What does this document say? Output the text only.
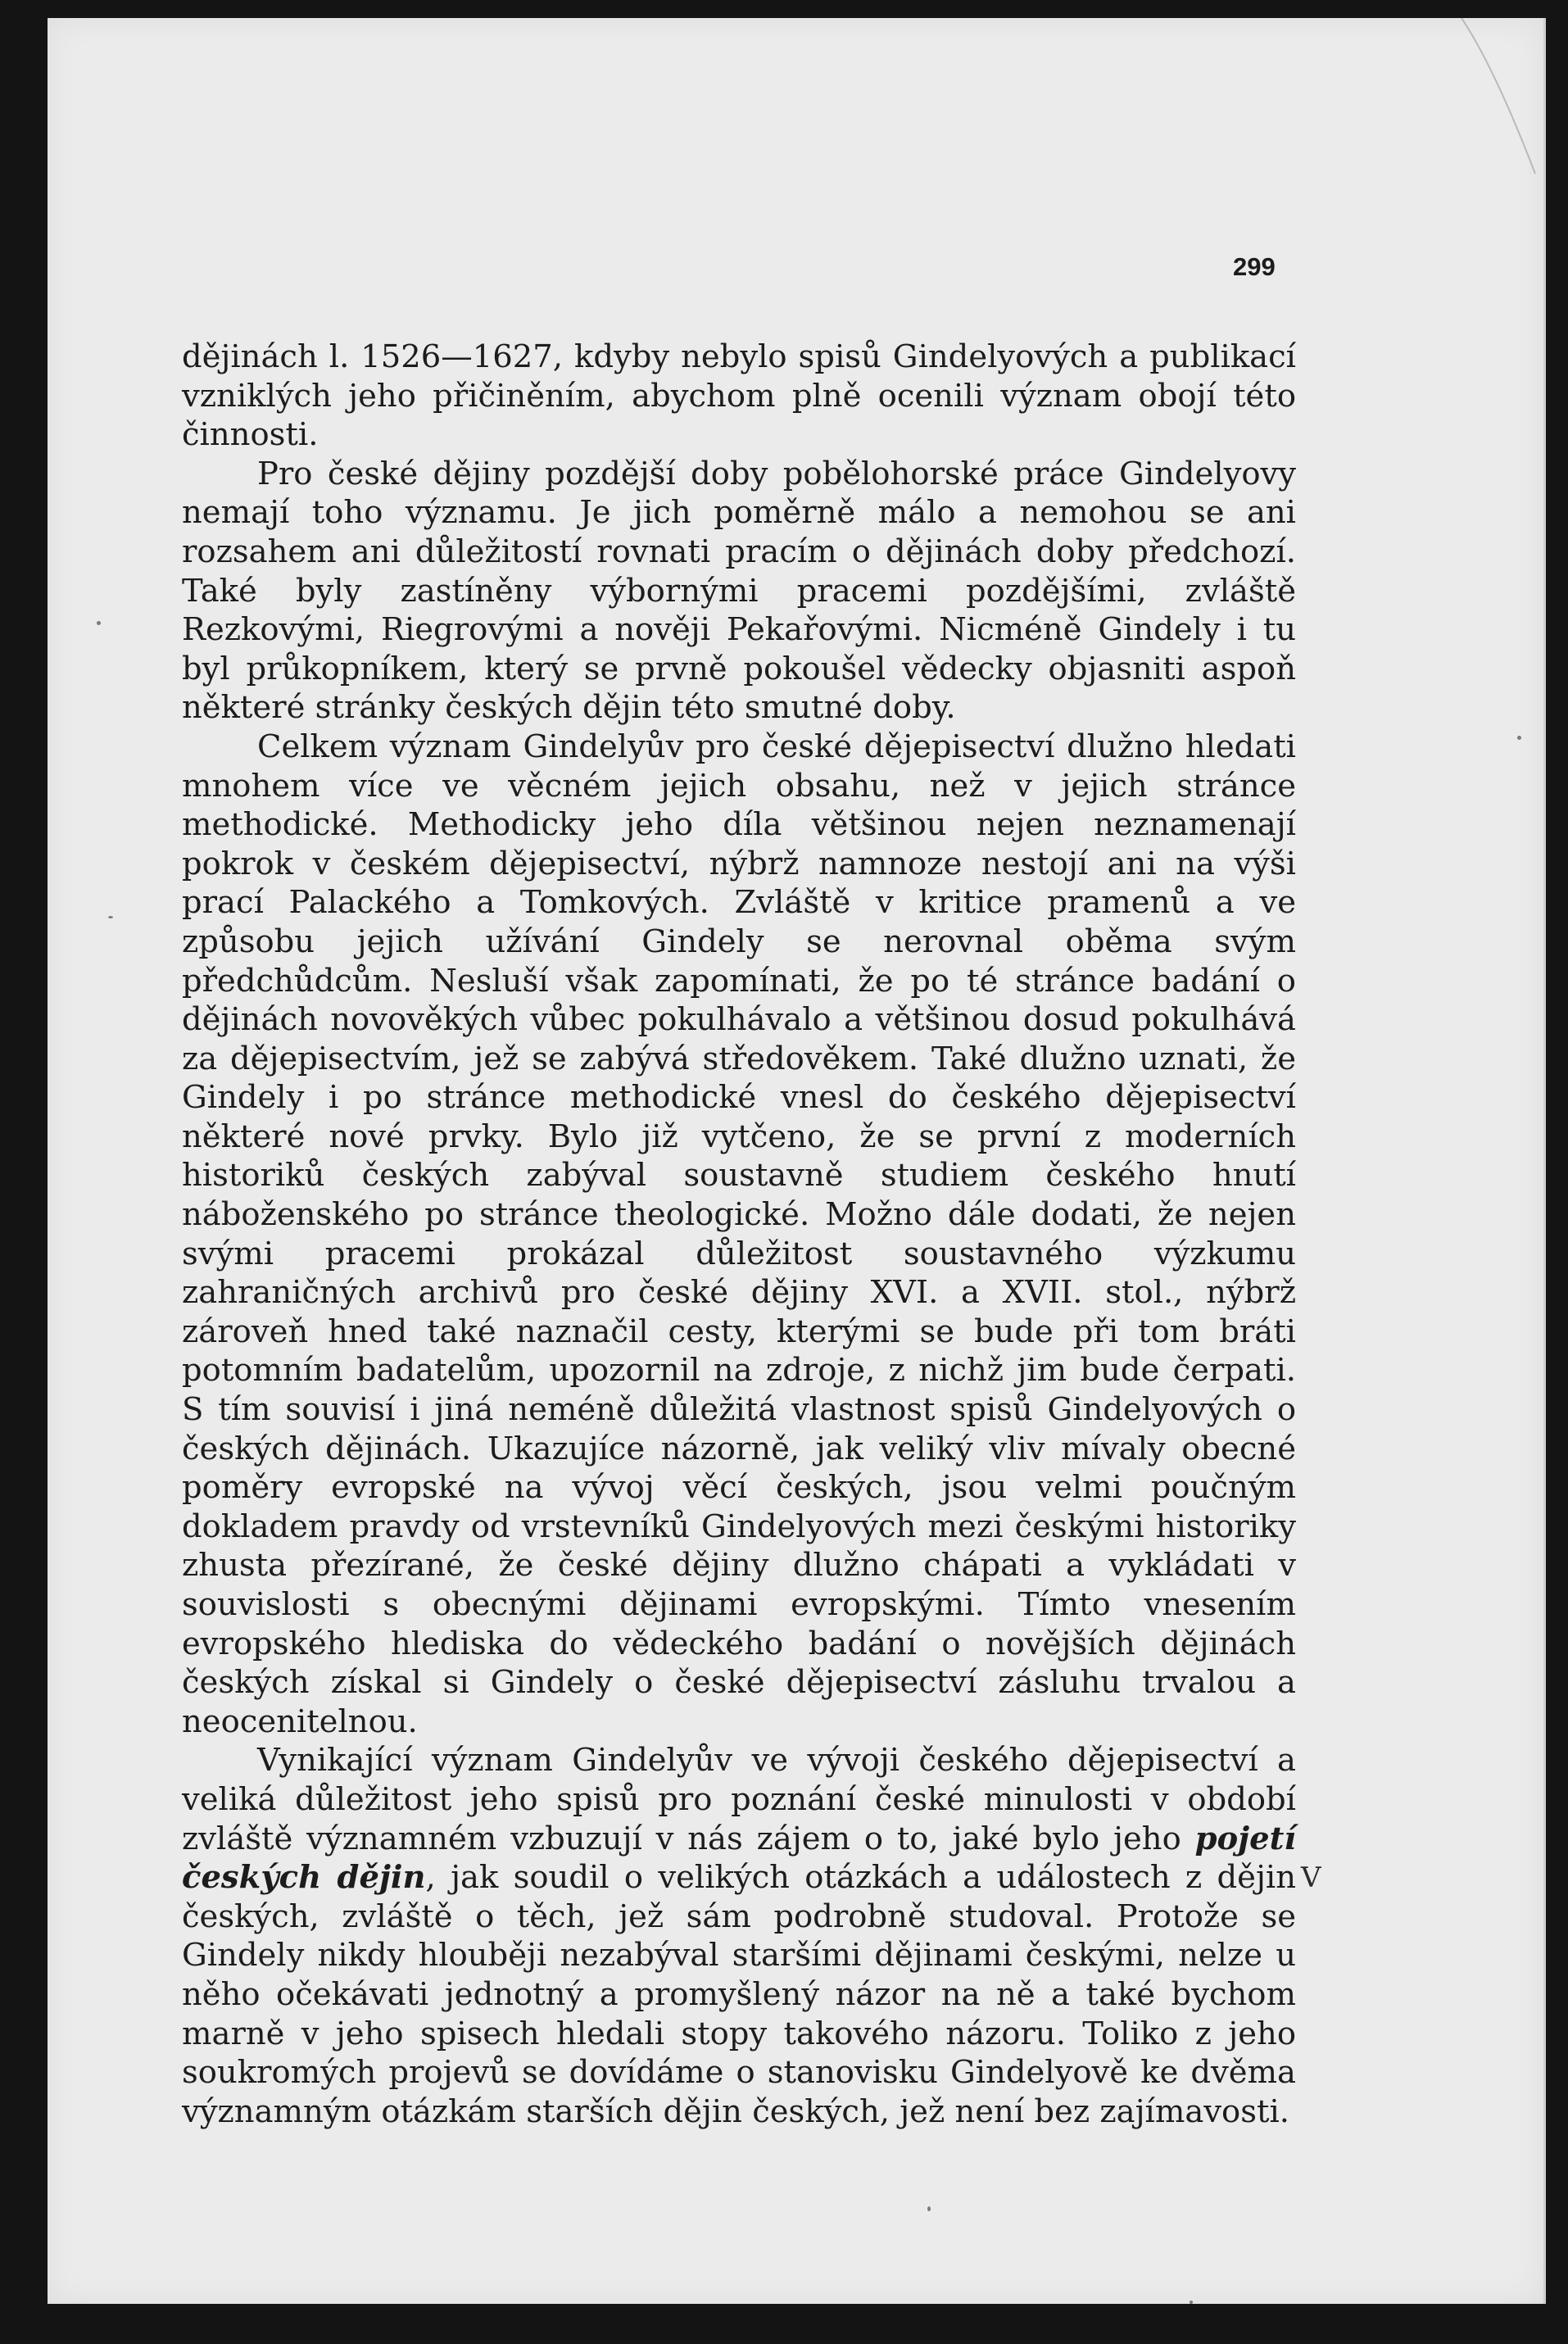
299

dějinách l. 1526—1627, kdyby nebylo spisů Gindelyových a publikací vzniklých jeho přičiněním, abychom plně ocenili význam obojí této činnosti.

Pro české dějiny pozdější doby pobělohorské práce Gindelyovy nemají toho významu. Je jich poměrně málo a nemohou se ani rozsahem ani důležitostí rovnati pracím o dějinách doby předchozí. Také byly zastíněny výbornými pracemi pozdějšími, zvláště Rezkovými, Riegrovými a nověji Pekařovými. Nicméně Gindely i tu byl průkopníkem, který se prvně pokoušel vědecky objasniti aspoň některé stránky českých dějin této smutné doby.

Celkem význam Gindelyův pro české dějepisectví dlužno hledati mnohem více ve věcném jejich obsahu, než v jejich stránce methodické. Methodicky jeho díla většinou nejen neznamenají pokrok v českém dějepisectví, nýbrž namnoze nestojí ani na výši prací Palackého a Tomkových. Zvláště v kritice pramenů a ve způsobu jejich užívání Gindely se nerovnal oběma svým předchůdcům. Nesluší však zapomínati, že po té stránce badání o dějinách novověkých vůbec pokulhávalo a většinou dosud pokulhává za dějepisectvím, jež se zabývá středověkem. Také dlužno uznati, že Gindely i po stránce methodické vnesl do českého dějepisectví některé nové prvky. Bylo již vytčeno, že se první z moderních historiků českých zabýval soustavně studiem českého hnutí náboženského po stránce theologické. Možno dále dodati, že nejen svými pracemi prokázal důležitost soustavného výzkumu zahraničných archivů pro české dějiny XVI. a XVII. stol., nýbrž zároveň hned také naznačil cesty, kterými se bude při tom bráti potomním badatelům, upozornil na zdroje, z nichž jim bude čerpati. S tím souvisí i jiná neméně důležitá vlastnost spisů Gindelyových o českých dějinách. Ukazujíce názorně, jak veliký vliv mívaly obecné poměry evropské na vývoj věcí českých, jsou velmi poučným dokladem pravdy od vrstevníků Gindelyových mezi českými historiky zhusta přezírané, že české dějiny dlužno chápati a vykládati v souvislosti s obecnými dějinami evropskými. Tímto vnesením evropského hlediska do vědeckého badání o novějších dějinách českých získal si Gindely o české dějepisectví zásluhu trvalou a neocenitelnou.

Vynikající význam Gindelyův ve vývoji českého dějepisectví a veliká důležitost jeho spisů pro poznání české minulosti v období zvláště významném vzbuzují v nás zájem o to, jaké bylo jeho pojetí českých dějin, jak soudil o velikých otázkách a událostech z dějin českých, zvláště o těch, jež sám podrobně studoval. Protože se Gindely nikdy hlouběji nezabýval staršími dějinami českými, nelze u něho očekávati jednotný a promyšlený názor na ně a také bychom marně v jeho spisech hledali stopy takového názoru. Toliko z jeho soukromých projevů se dovídáme o stanovisku Gindelyově ke dvěma významným otázkám starších dějin českých, jež není bez zajímavosti.

V
